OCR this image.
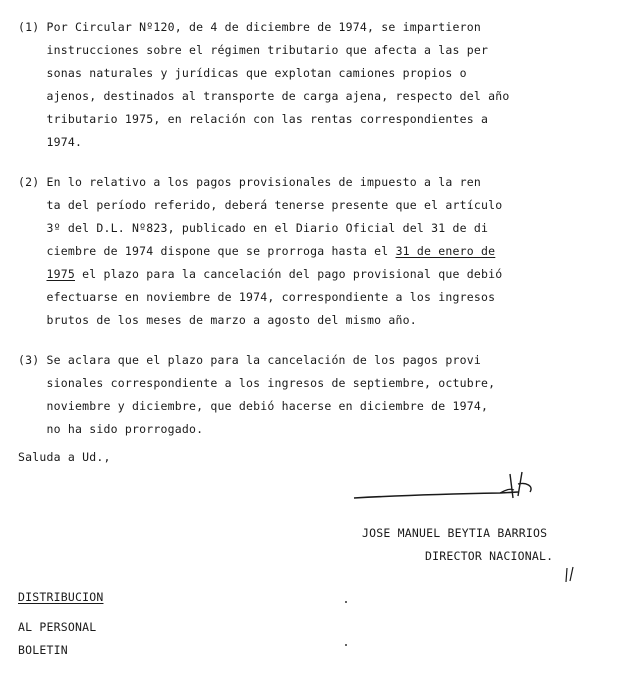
(1) Por Circular Nº120, de 4 de diciembre de 1974, se impartieron
instrucciones sobre el régimen tributario que afecta a las per
sonas naturales y jurídicas que explotan camiones propios o
ajenos, destinados al transporte de carga ajena, respecto del año
tributario 1975, en relación con las rentas correspondientes a
1974.
(2) En lo relativo a los pagos provisionales de impuesto a la ren
ta del período referido, deberá tenerse presente que el artículo
3º del D.L. Nº823, publicado en el Diario Oficial del 31 de di
ciembre de 1974 dispone que se prorroga hasta el 31 de enero de
1975 el plazo para la cancelación del pago provisional que debió
efectuarse en noviembre de 1974, correspondiente a los ingresos
brutos de los meses de marzo a agosto del mismo año.
(3) Se aclara que el plazo para la cancelación de los pagos provi
sionales correspondiente a los ingresos de septiembre, octubre,
noviembre y diciembre, que debió hacerse en diciembre de 1974,
no ha sido prorrogado.
Saluda a Ud.,
JOSE MANUEL BEYTIA BARRIOS
DIRECTOR NACIONAL.
DISTRIBUCION
AL PERSONAL
BOLETIN
